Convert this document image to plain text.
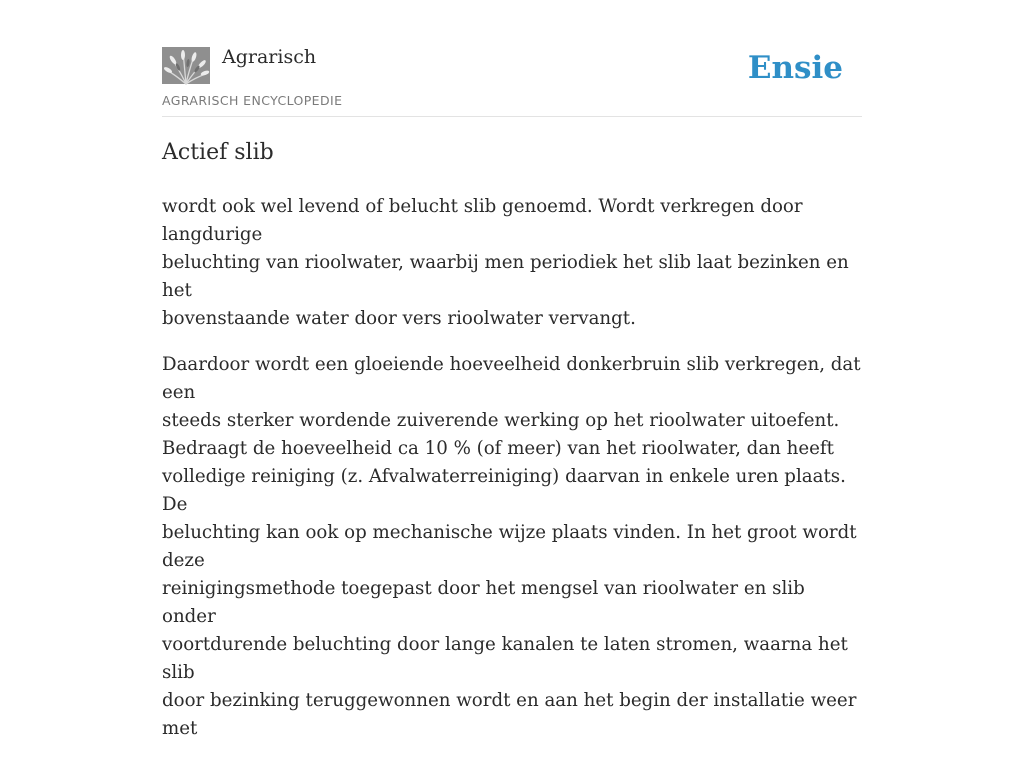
Agrarisch
AGRARISCH ENCYCLOPEDIE
Ensie
Actief slib

wordt ook wel levend of belucht slib genoemd. Wordt verkregen door langdurige
beluchting van rioolwater, waarbij men periodiek het slib laat bezinken en het
bovenstaande water door vers rioolwater vervangt.

Daardoor wordt een gloeiende hoeveelheid donkerbruin slib verkregen, dat een
steeds sterker wordende zuiverende werking op het rioolwater uitoefent.
Bedraagt de hoeveelheid ca 10 % (of meer) van het rioolwater, dan heeft
volledige reiniging (z. Afvalwaterreiniging) daarvan in enkele uren plaats. De
beluchting kan ook op mechanische wijze plaats vinden. In het groot wordt deze
reinigingsmethode toegepast door het mengsel van rioolwater en slib onder
voortdurende beluchting door lange kanalen te laten stromen, waarna het slib
door bezinking teruggewonnen wordt en aan het begin der installatie weer met
